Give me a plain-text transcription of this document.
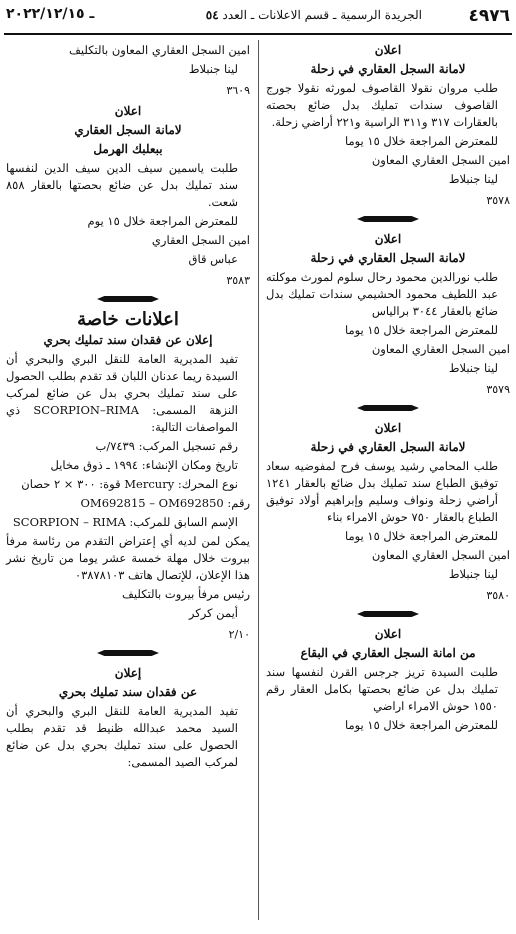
٤٩٧٦
الجريدة الرسمية ـ قسم الاعلانات ـ العدد ٥٤
ـ ٢٠٢٢/١٢/١٥
اعلان
لامانة السجل العقاري في زحلة

طلب مروان نقولا القاصوف لمورثه نقولا جورج القاصوف سندات تمليك بدل ضائع بحصته بالعقارات ٣١٧ و٣١١ الراسية و٢٢١ أراضي زحلة.

للمعترض المراجعة خلال ١٥ يوما

امين السجل العقاري المعاون

لينا جنبلاط

٣٥٧٨
اعلان
لامانة السجل العقاري في زحلة

طلب نورالدين محمود رحال سلوم لمورث موكلته عبد اللطيف محمود الحشيمي سندات تمليك بدل ضائع بالعقار ٣٠٤٤ برالياس

للمعترض المراجعة خلال ١٥ يوما

امين السجل العقاري المعاون

لينا جنبلاط

٣٥٧٩
اعلان
لامانة السجل العقاري في زحلة

طلب المحامي رشيد يوسف فرح لمفوضيه سعاد توفيق الطباع سند تمليك بدل ضائع بالعقار ١٢٤١ أراضي زحلة ونواف وسليم وإبراهيم أولاد توفيق الطباع بالعقار ٧٥٠ حوش الامراء بناء

للمعترض المراجعة خلال ١٥ يوما

امين السجل العقاري المعاون

لينا جنبلاط

٣٥٨٠
اعلان
من امانة السجل العقاري في البقاع

طلبت السيدة تريز جرجس القرن لنفسها سند تمليك بدل عن ضائع بحصتها بكامل العقار رقم ١٥٥٠ حوش الامراء اراضي

للمعترض المراجعة خلال ١٥ يوما

امين السجل العقاري المعاون بالتكليف

لينا جنبلاط

٣٦٠٩
اعلان
لامانة السجل العقاري
ببعلبك الهرمل

طلبت ياسمين سيف الدين سيف الدين لنفسها سند تمليك بدل عن ضائع بحصتها بالعقار ٨٥٨ شعت.

للمعترض المراجعة خلال ١٥ يوم

امين السجل العقاري

عباس قاق

٣٥٨٣
اعلانات خاصة
إعلان عن فقدان سند تمليك بحري

تفيد المديرية العامة للنقل البري والبحري أن السيدة ريما عدنان اللبان قد تقدم بطلب الحصول على سند تمليك بحري بدل عن ضائع لمركب النزهة المسمى: SCORPION–RIMA ذي المواصفات التالية:

رقم تسجيل المركب: ٧٤٣٩/ب

تاريخ ومكان الإنشاء: ١٩٩٤ ـ ذوق مخايل

نوع المحرك: Mercury قوة: ٣٠٠ × ٢ حصان

رقم: OM692815 – OM692850

الإسم السابق للمركب: SCORPION – RIMA

يمكن لمن لديه أي إعتراض التقدم من رئاسة مرفأ بيروت خلال مهلة خمسة عشر يوما من تاريخ نشر هذا الإعلان، للإتصال هاتف ٠٣٨٧٨١٠٣

رئيس مرفأ بيروت بالتكليف

أيمن كركر

٢/١٠
إعلان
عن فقدان سند تمليك بحري

تفيد المديرية العامة للنقل البري والبحري أن السيد محمد عبدالله ظنيط قد تقدم بطلب الحصول على سند تمليك بحري بدل عن ضائع لمركب الصيد المسمى:
